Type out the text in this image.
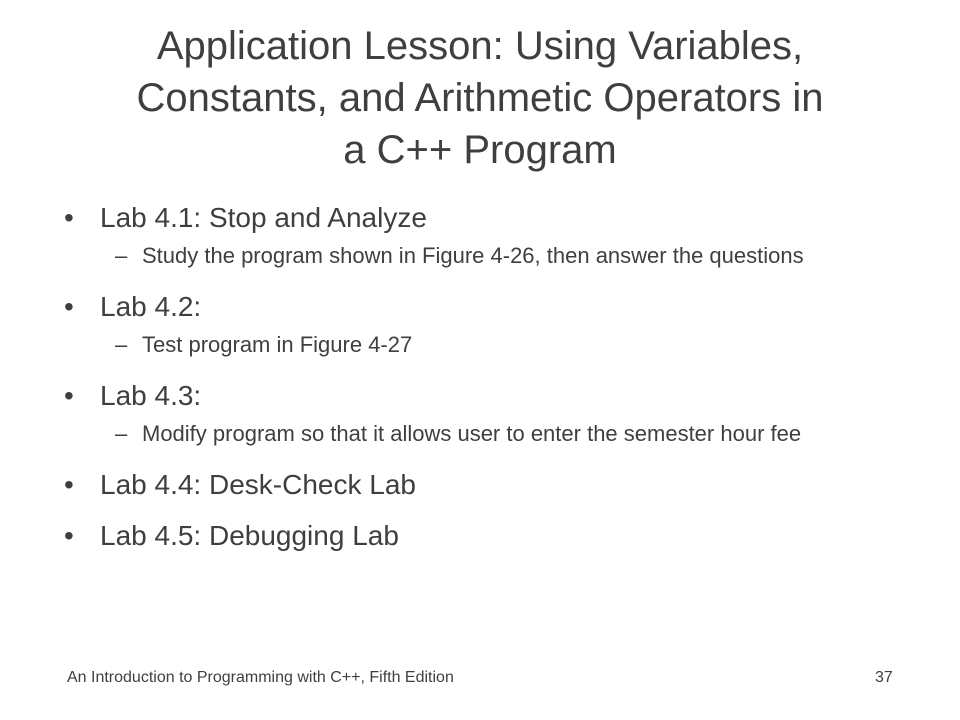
Application Lesson: Using Variables,
Constants, and Arithmetic Operators in
a C++ Program
• Lab 4.1: Stop and Analyze
– Study the program shown in Figure 4-26, then answer the questions
• Lab 4.2:
– Test program in Figure 4-27
• Lab 4.3:
– Modify program so that it allows user to enter the semester hour fee
• Lab 4.4: Desk-Check Lab
• Lab 4.5: Debugging Lab
An Introduction to Programming with C++, Fifth Edition	37
